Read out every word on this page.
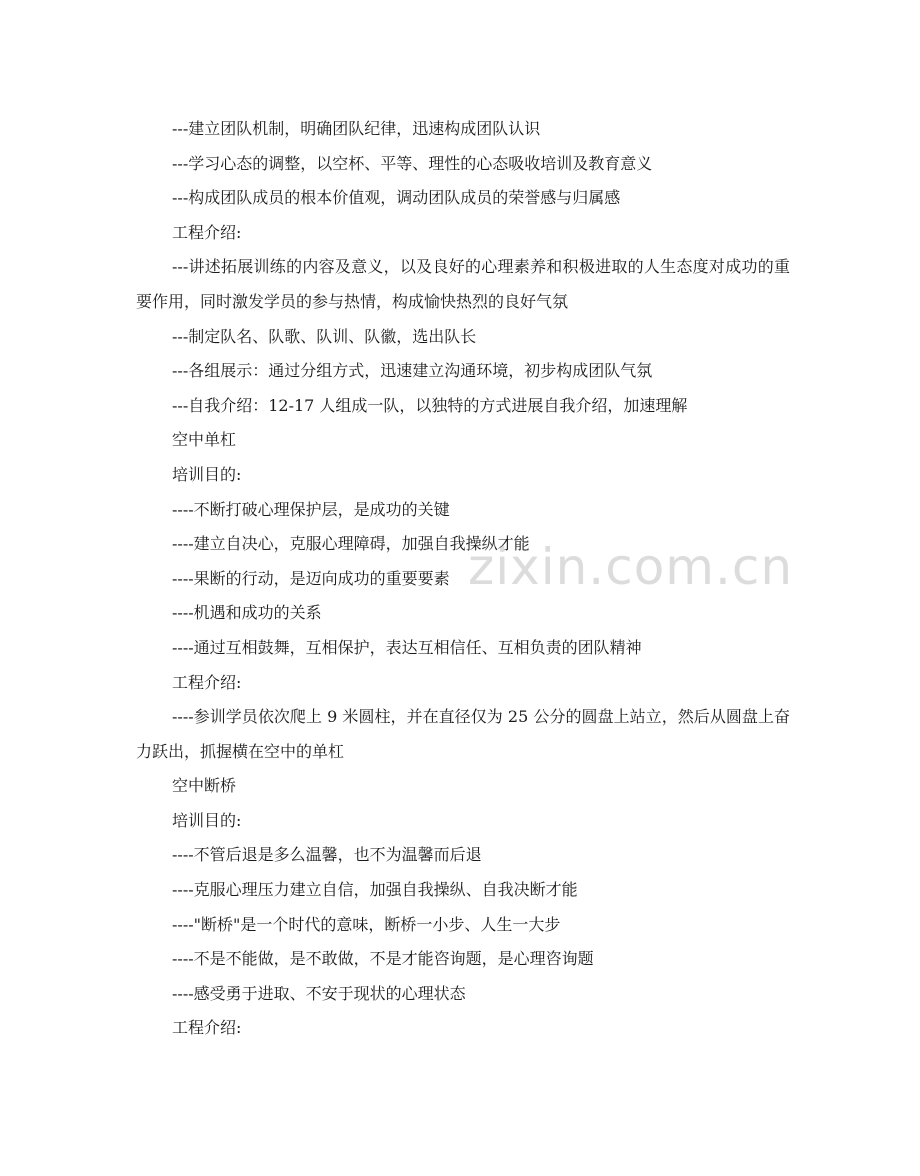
zixin.com.cn
---建立团队机制，明确团队纪律，迅速构成团队认识
---学习心态的调整，以空杯、平等、理性的心态吸收培训及教育意义
---构成团队成员的根本价值观，调动团队成员的荣誉感与归属感
工程介绍:
---讲述拓展训练的内容及意义，以及良好的心理素养和积极进取的人生态度对成功的重要作用，同时激发学员的参与热情，构成愉快热烈的良好气氛
---制定队名、队歌、队训、队徽，选出队长
---各组展示：通过分组方式，迅速建立沟通环境，初步构成团队气氛
---自我介绍：12-17 人组成一队，以独特的方式进展自我介绍，加速理解
空中单杠
培训目的:
----不断打破心理保护层，是成功的关键
----建立自决心，克服心理障碍，加强自我操纵才能
----果断的行动，是迈向成功的重要要素
----机遇和成功的关系
----通过互相鼓舞，互相保护，表达互相信任、互相负责的团队精神
工程介绍:
----参训学员依次爬上 9 米圆柱，并在直径仅为 25 公分的圆盘上站立，然后从圆盘上奋力跃出，抓握横在空中的单杠
空中断桥
培训目的:
----不管后退是多么温馨，也不为温馨而后退
----克服心理压力建立自信，加强自我操纵、自我决断才能
----"断桥"是一个时代的意味，断桥一小步、人生一大步
----不是不能做，是不敢做，不是才能咨询题，是心理咨询题
----感受勇于进取、不安于现状的心理状态
工程介绍:
